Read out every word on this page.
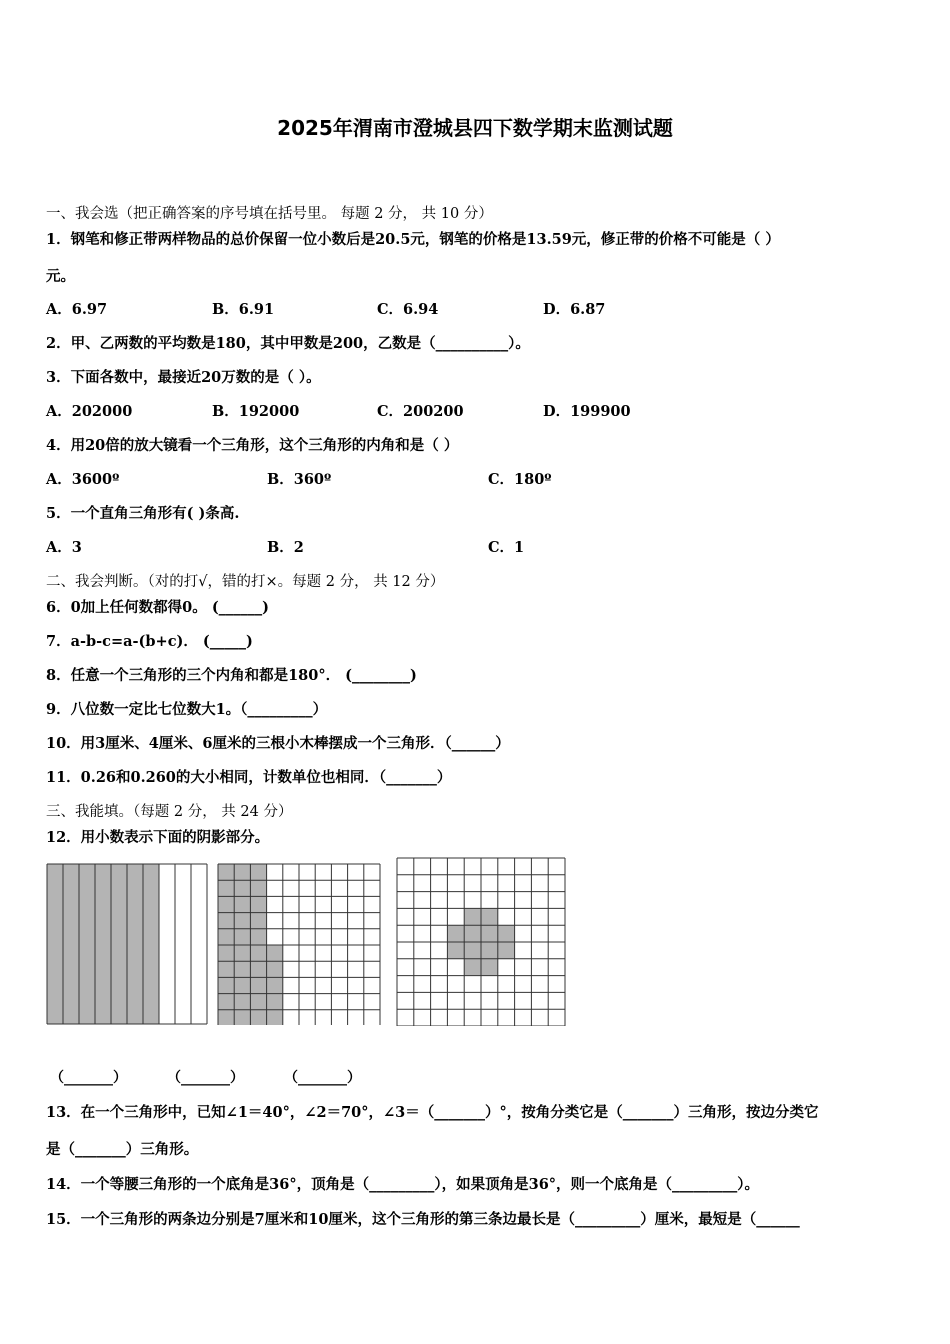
2025年渭南市澄城县四下数学期末监测试题
一、我会选（把正确答案的序号填在括号里。 每题 2 分， 共 10 分）
1．钢笔和修正带两样物品的总价保留一位小数后是20.5元，钢笔的价格是13.59元，修正带的价格不可能是（ ）
元。
A．6.97	B．6.91	C．6.94	D．6.87
2．甲、乙两数的平均数是180，其中甲数是200，乙数是（__________）。
3．下面各数中，最接近20万数的是（ ）。
A．202000	B．192000	C．200200	D．199900
4．用20倍的放大镜看一个三角形，这个三角形的内角和是（ ）
A．3600º	B．360º	C．180º
5．一个直角三角形有( )条高.
A．3	B．2	C．1
二、我会判断。（对的打√，错的打×。每题 2 分， 共 12 分）
6．0加上任何数都得0。 (______)
7．a-b-c=a-(b+c)． (_____)
8．任意一个三角形的三个内角和都是180°． (________)
9．八位数一定比七位数大1。（_________）
10．用3厘米、4厘米、6厘米的三根小木棒摆成一个三角形．（______）
11．0.26和0.260的大小相同，计数单位也相同．（_______）
三、我能填。（每题 2 分， 共 24 分）
12．用小数表示下面的阴影部分。
（_______）	（_______）	（_______）
13．在一个三角形中，已知∠1＝40°，∠2＝70°，∠3＝（_______）°，按角分类它是（_______）三角形，按边分类它
是（_______）三角形。
14．一个等腰三角形的一个底角是36°，顶角是（_________），如果顶角是36°，则一个底角是（_________）。
15．一个三角形的两条边分别是7厘米和10厘米，这个三角形的第三条边最长是（_________）厘米，最短是（______
